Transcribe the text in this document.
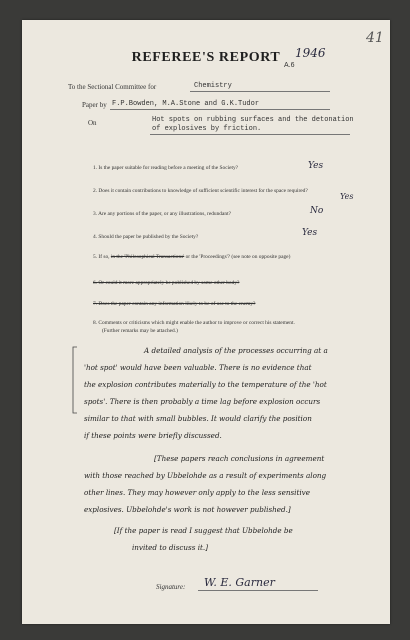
41
A.6
1946
REFEREE'S REPORT
To the Sectional Committee for	Chemistry
Paper by F.P.Bowden, M.A.Stone and G.K.Tudor
On	Hot spots on rubbing surfaces and the detonation
of explosives by friction.
1. Is the paper suitable for reading before a meeting of the Society?	Yes
2. Does it contain contributions to knowledge of sufficient scientific interest for the space required?
Yes
3. Are any portions of the paper, or any illustrations, redundant?	No
4. Should the paper be published by the Society?	Yes
5. If so, in the 'Philosophical Transactions' or the 'Proceedings'? (see note on opposite page)
6. Or could it more appropriately be published by some other body?
7. Does the paper contain any information likely to be of use to the enemy?
8. Comments or criticisms which might enable the author to improve or correct his statement.
(Further remarks may be attached.)
A detailed analysis of the processes occurring at a
'hot spot' would have been valuable. There is no evidence that
the explosion contributes materially to the temperature of the 'hot
spots'. There is then probably a time lag before explosion occurs
similar to that with small bubbles. It would clarify the position
if these points were briefly discussed.
[These papers reach conclusions in agreement
with those reached by Ubbelohde as a result of experiments along
other lines. They may however only apply to the less sensitive
explosives. Ubbelohde's work is not however published.]
[If the paper is read I suggest that Ubbelohde be
invited to discuss it.]
Signature: W. E. Garner
